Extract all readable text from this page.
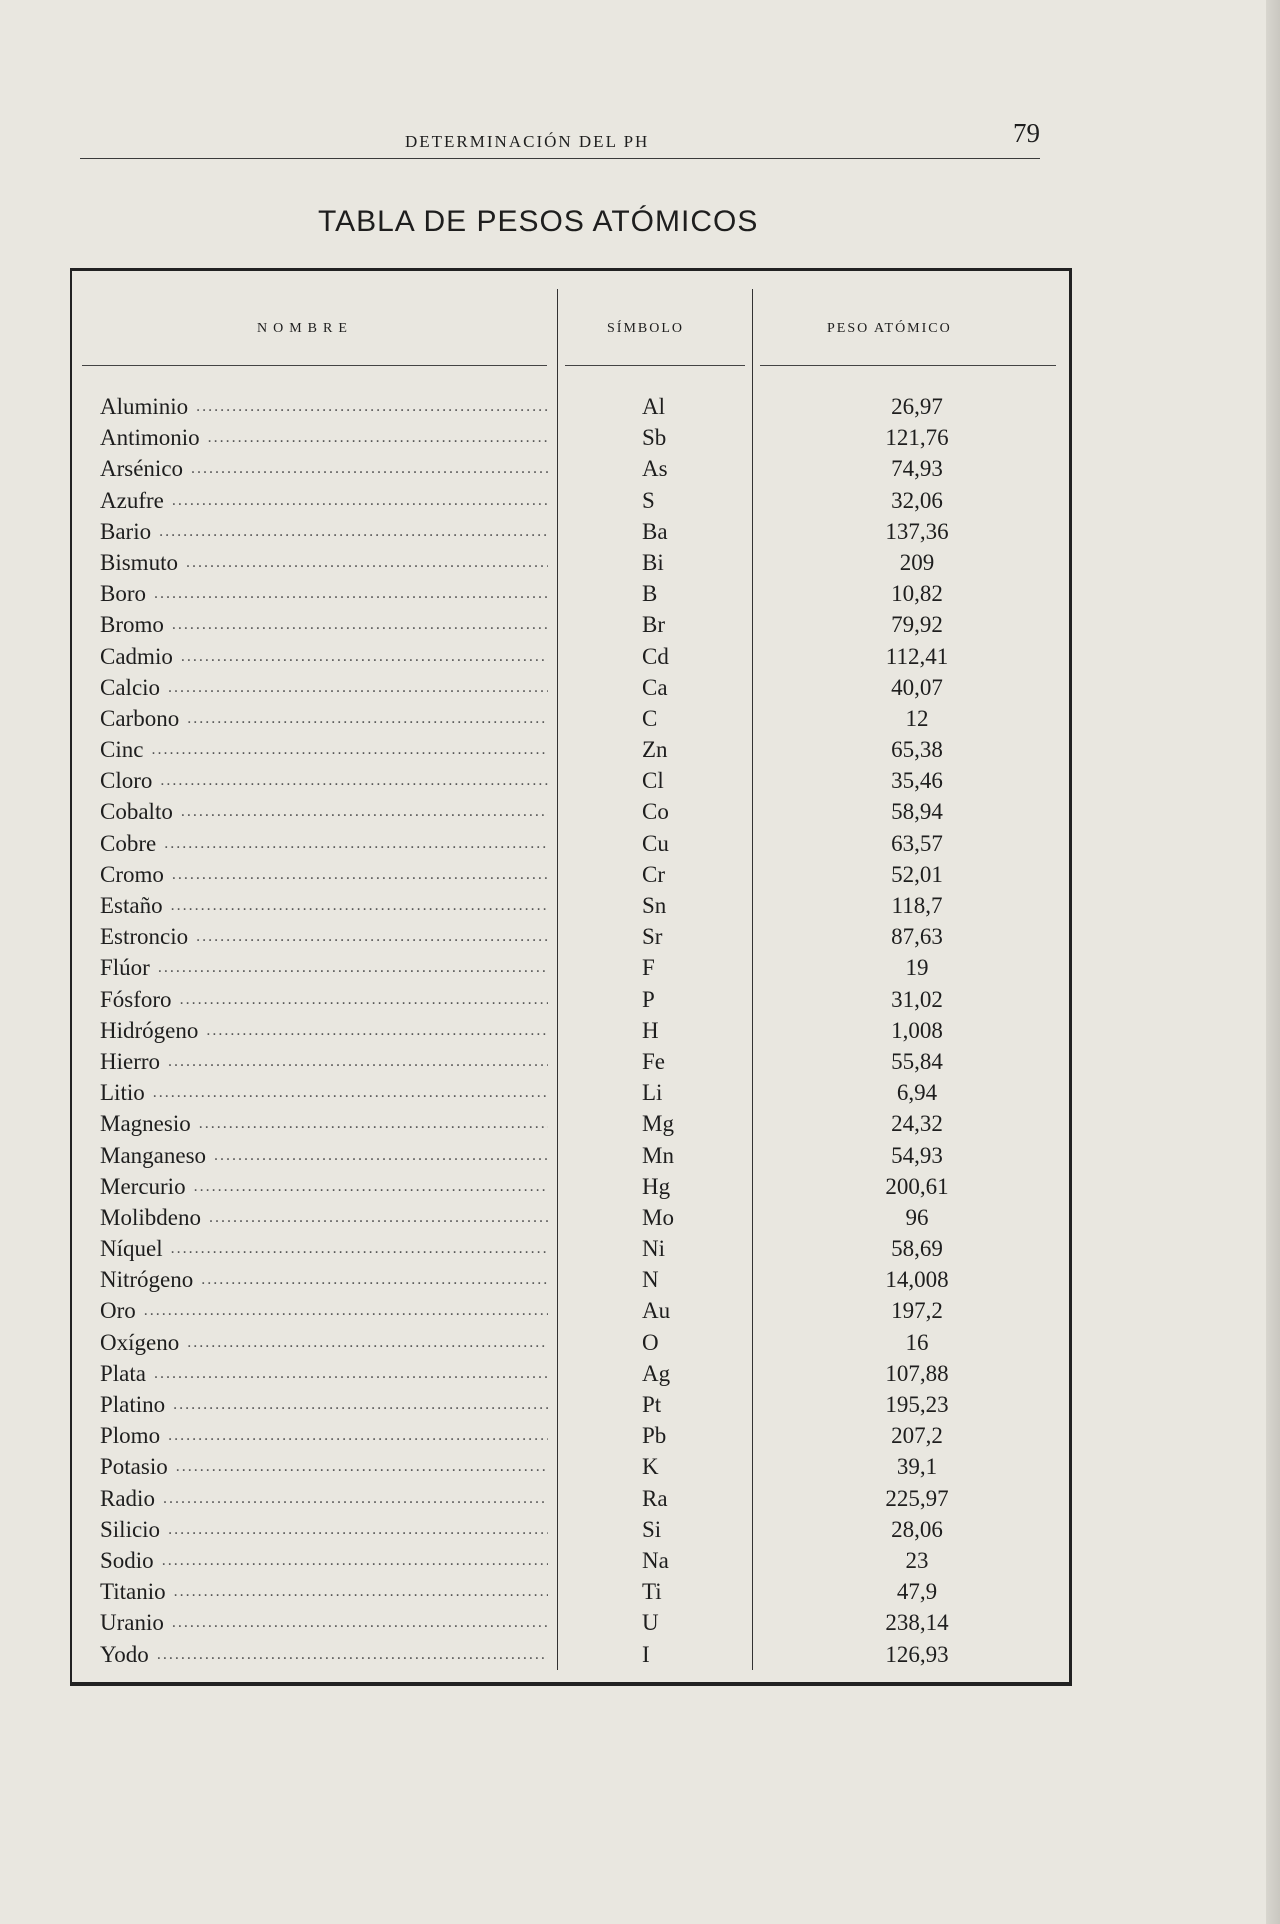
DETERMINACIÓN DEL PH	79
TABLA DE PESOS ATÓMICOS
NOMBRE	SÍMBOLO	PESO ATÓMICO
Aluminio .....	Al	26,97
Antimonio .....	Sb	121,76
Arsénico .....	As	74,93
Azufre .....	S	32,06
Bario .....	Ba	137,36
Bismuto .....	Bi	209
Boro .....	B	10,82
Bromo .....	Br	79,92
Cadmio .....	Cd	112,41
Calcio .....	Ca	40,07
Carbono .....	C	12
Cinc .....	Zn	65,38
Cloro .....	Cl	35,46
Cobalto .....	Co	58,94
Cobre .....	Cu	63,57
Cromo .....	Cr	52,01
Estaño .....	Sn	118,7
Estroncio .....	Sr	87,63
Flúor .....	F	19
Fósforo .....	P	31,02
Hidrógeno .....	H	1,008
Hierro .....	Fe	55,84
Litio .....	Li	6,94
Magnesio .....	Mg	24,32
Manganeso .....	Mn	54,93
Mercurio .....	Hg	200,61
Molibdeno .....	Mo	96
Níquel .....	Ni	58,69
Nitrógeno .....	N	14,008
Oro .....	Au	197,2
Oxígeno .....	O	16
Plata .....	Ag	107,88
Platino .....	Pt	195,23
Plomo .....	Pb	207,2
Potasio .....	K	39,1
Radio .....	Ra	225,97
Silicio .....	Si	28,06
Sodio .....	Na	23
Titanio .....	Ti	47,9
Uranio .....	U	238,14
Yodo .....	I	126,93
